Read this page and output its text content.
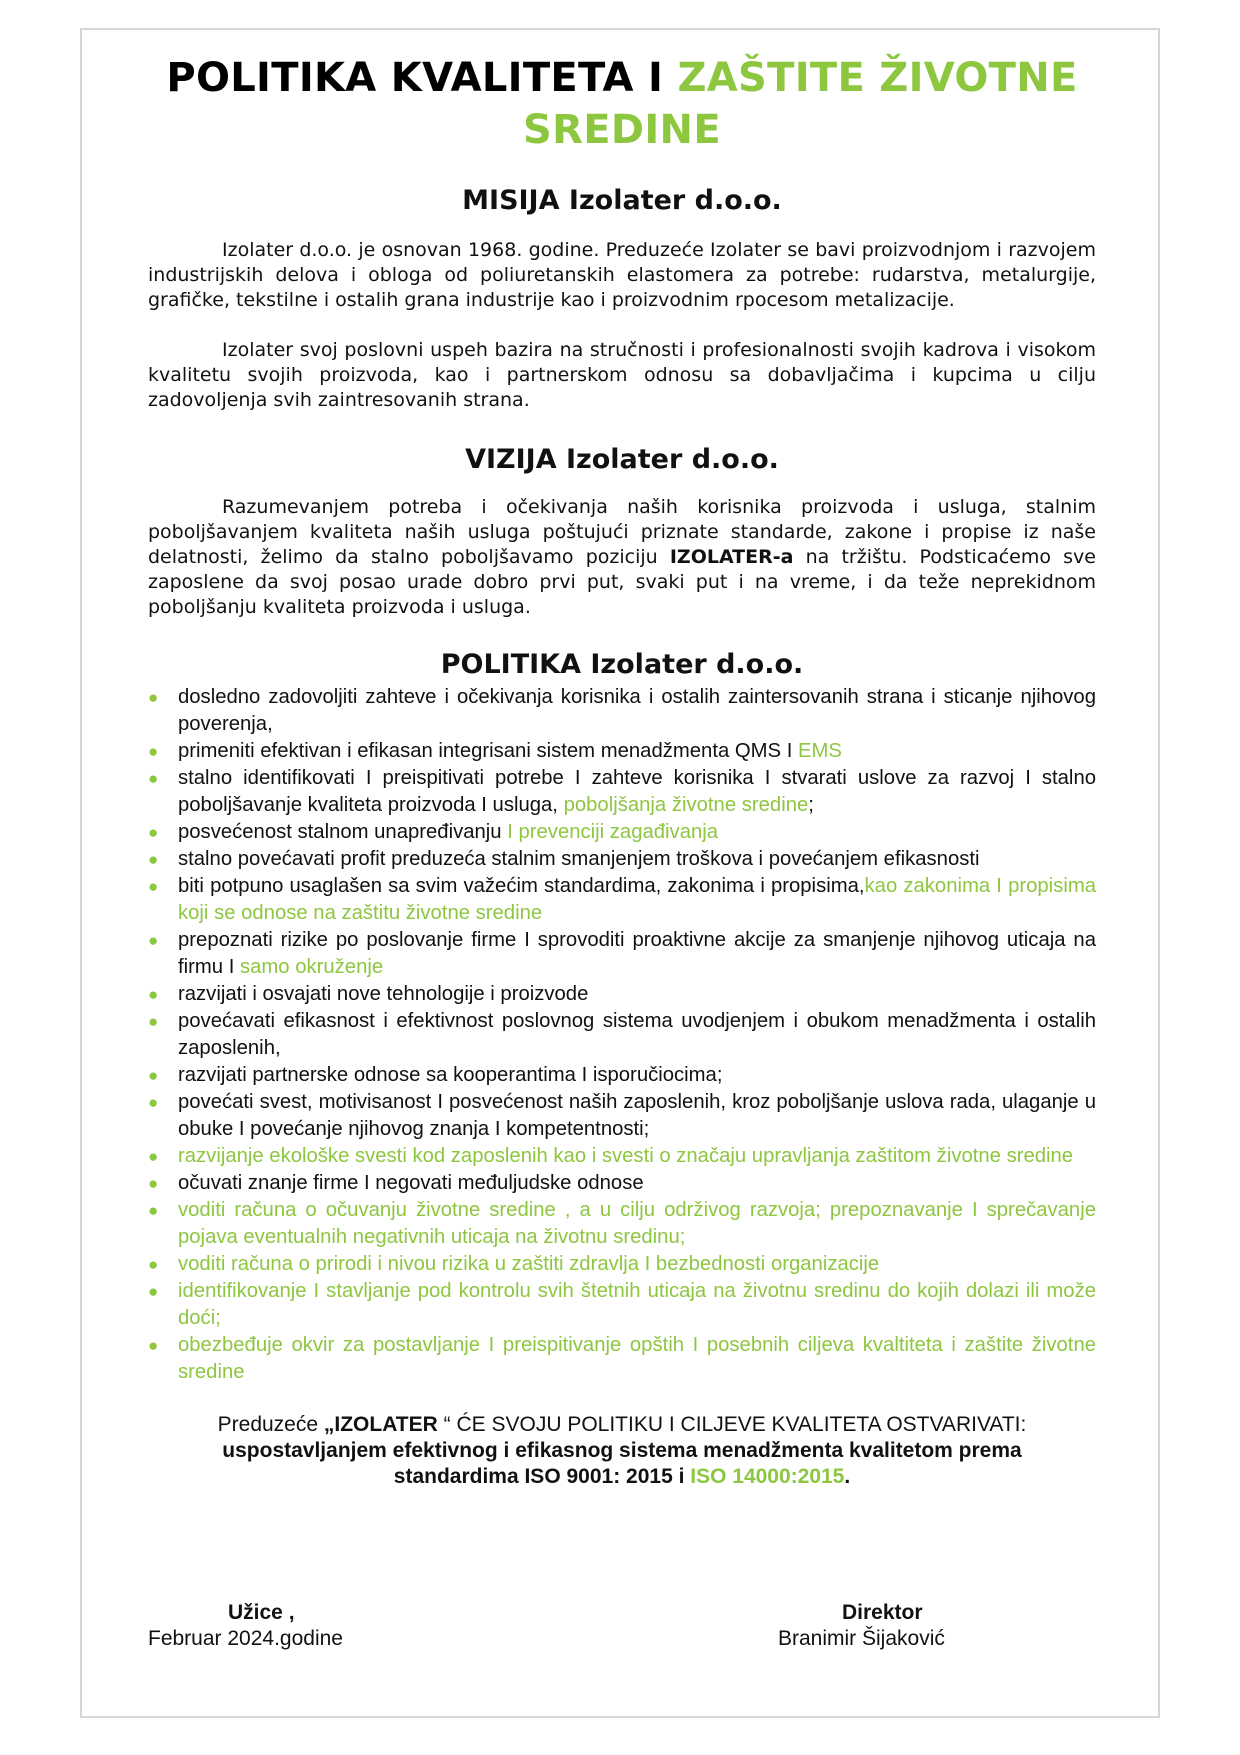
POLITIKA KVALITETA I ZAŠTITE ŽIVOTNE SREDINE
MISIJA Izolater d.o.o.

Izolater d.o.o. je osnovan 1968. godine. Preduzeće Izolater se bavi proizvodnjom i razvojem industrijskih delova i obloga od poliuretanskih elastomera za potrebe: rudarstva, metalurgije, grafičke, tekstilne i ostalih grana industrije kao i proizvodnim rpocesom metalizacije.

Izolater svoj poslovni uspeh bazira na stručnosti i profesionalnosti svojih kadrova i visokom kvalitetu svojih proizvoda, kao i partnerskom odnosu sa dobavljačima i kupcima u cilju zadovoljenja svih zaintresovanih strana.

VIZIJA Izolater d.o.o.

Razumevanjem potreba i očekivanja naših korisnika proizvoda i usluga, stalnim poboljšavanjem kvaliteta naših usluga poštujući priznate standarde, zakone i propise iz naše delatnosti, želimo da stalno poboljšavamo poziciju IZOLATER-a na tržištu. Podsticaćemo sve zaposlene da svoj posao urade dobro prvi put, svaki put i na vreme, i da teže neprekidnom poboljšanju kvaliteta proizvoda i usluga.

POLITIKA Izolater d.o.o.
● dosledno zadovoljiti zahteve i očekivanja korisnika i ostalih zaintersovanih strana i sticanje njihovog poverenja,
● primeniti efektivan i efikasan integrisani sistem menadžmenta QMS I EMS
● stalno identifikovati I preispitivati potrebe I zahteve korisnika I stvarati uslove za razvoj I stalno poboljšavanje kvaliteta proizvoda I usluga, poboljšanja životne sredine;
● posvećenost stalnom unapređivanju I prevenciji zagađivanja
● stalno povećavati profit preduzeća stalnim smanjenjem troškova i povećanjem efikasnosti
● biti potpuno usaglašen sa svim važećim standardima, zakonima i propisima,kao zakonima I propisima koji se odnose na zaštitu životne sredine
● prepoznati rizike po poslovanje firme I sprovoditi proaktivne akcije za smanjenje njihovog uticaja na firmu I samo okruženje
● razvijati i osvajati nove tehnologije i proizvode
● povećavati efikasnost i efektivnost poslovnog sistema uvodjenjem i obukom menadžmenta i ostalih zaposlenih,
● razvijati partnerske odnose sa kooperantima I isporučiocima;
● povećati svest, motivisanost I posvećenost naših zaposlenih, kroz poboljšanje uslova rada, ulaganje u obuke I povećanje njihovog znanja I kompetentnosti;
● razvijanje ekološke svesti kod zaposlenih kao i svesti o značaju upravljanja zaštitom životne sredine
● očuvati znanje firme I negovati međuljudske odnose
● voditi računa o očuvanju životne sredine , a u cilju održivog razvoja; prepoznavanje I sprečavanje pojava eventualnih negativnih uticaja na životnu sredinu;
● voditi računa o prirodi i nivou rizika u zaštiti zdravlja I bezbednosti organizacije
● identifikovanje I stavljanje pod kontrolu svih štetnih uticaja na životnu sredinu do kojih dolazi ili može doći;
● obezbeđuje okvir za postavljanje I preispitivanje opštih I posebnih ciljeva kvaltiteta i zaštite životne sredine

Preduzeće „IZOLATER “ ĆE SVOJU POLITIKU I CILJEVE KVALITETA OSTVARIVATI:

uspostavljanjem efektivnog i efikasnog sistema menadžmenta kvalitetom prema standardima ISO 9001: 2015 i ISO 14000:2015.

Užice ,
Februar 2024.godine
Direktor
Branimir Šijaković
